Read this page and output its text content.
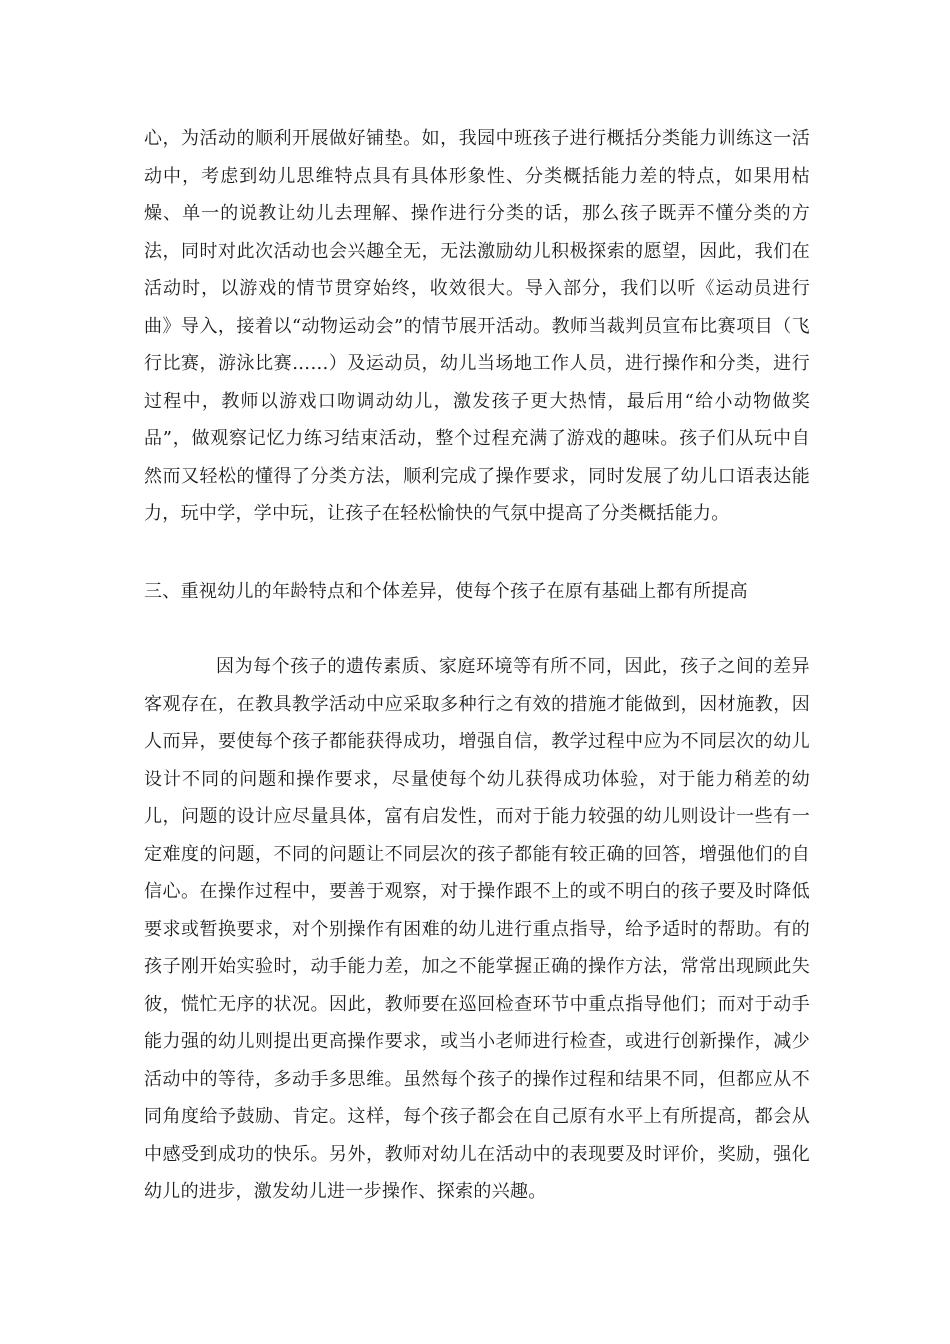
心，为活动的顺利开展做好铺垫。如，我园中班孩子进行概括分类能力训练这一活动中，考虑到幼儿思维特点具有具体形象性、分类概括能力差的特点，如果用枯燥、单一的说教让幼儿去理解、操作进行分类的话，那么孩子既弄不懂分类的方法，同时对此次活动也会兴趣全无，无法激励幼儿积极探索的愿望，因此，我们在活动时，以游戏的情节贯穿始终，收效很大。导入部分，我们以听《运动员进行曲》导入，接着以“动物运动会”的情节展开活动。教师当裁判员宣布比赛项目（飞行比赛，游泳比赛……）及运动员，幼儿当场地工作人员，进行操作和分类，进行过程中，教师以游戏口吻调动幼儿，激发孩子更大热情，最后用“给小动物做奖品”，做观察记忆力练习结束活动，整个过程充满了游戏的趣味。孩子们从玩中自然而又轻松的懂得了分类方法，顺利完成了操作要求，同时发展了幼儿口语表达能力，玩中学，学中玩，让孩子在轻松愉快的气氛中提高了分类概括能力。

三、重视幼儿的年龄特点和个体差异，使每个孩子在原有基础上都有所提高

因为每个孩子的遗传素质、家庭环境等有所不同，因此，孩子之间的差异客观存在，在教具教学活动中应采取多种行之有效的措施才能做到，因材施教，因人而异，要使每个孩子都能获得成功，增强自信，教学过程中应为不同层次的幼儿设计不同的问题和操作要求，尽量使每个幼儿获得成功体验，对于能力稍差的幼儿，问题的设计应尽量具体，富有启发性，而对于能力较强的幼儿则设计一些有一定难度的问题，不同的问题让不同层次的孩子都能有较正确的回答，增强他们的自信心。在操作过程中，要善于观察，对于操作跟不上的或不明白的孩子要及时降低要求或暂换要求，对个别操作有困难的幼儿进行重点指导，给予适时的帮助。有的孩子刚开始实验时，动手能力差，加之不能掌握正确的操作方法，常常出现顾此失彼，慌忙无序的状况。因此，教师要在巡回检查环节中重点指导他们；而对于动手能力强的幼儿则提出更高操作要求，或当小老师进行检查，或进行创新操作，减少活动中的等待，多动手多思维。虽然每个孩子的操作过程和结果不同，但都应从不同角度给予鼓励、肯定。这样，每个孩子都会在自己原有水平上有所提高，都会从中感受到成功的快乐。另外，教师对幼儿在活动中的表现要及时评价，奖励，强化幼儿的进步，激发幼儿进一步操作、探索的兴趣。
